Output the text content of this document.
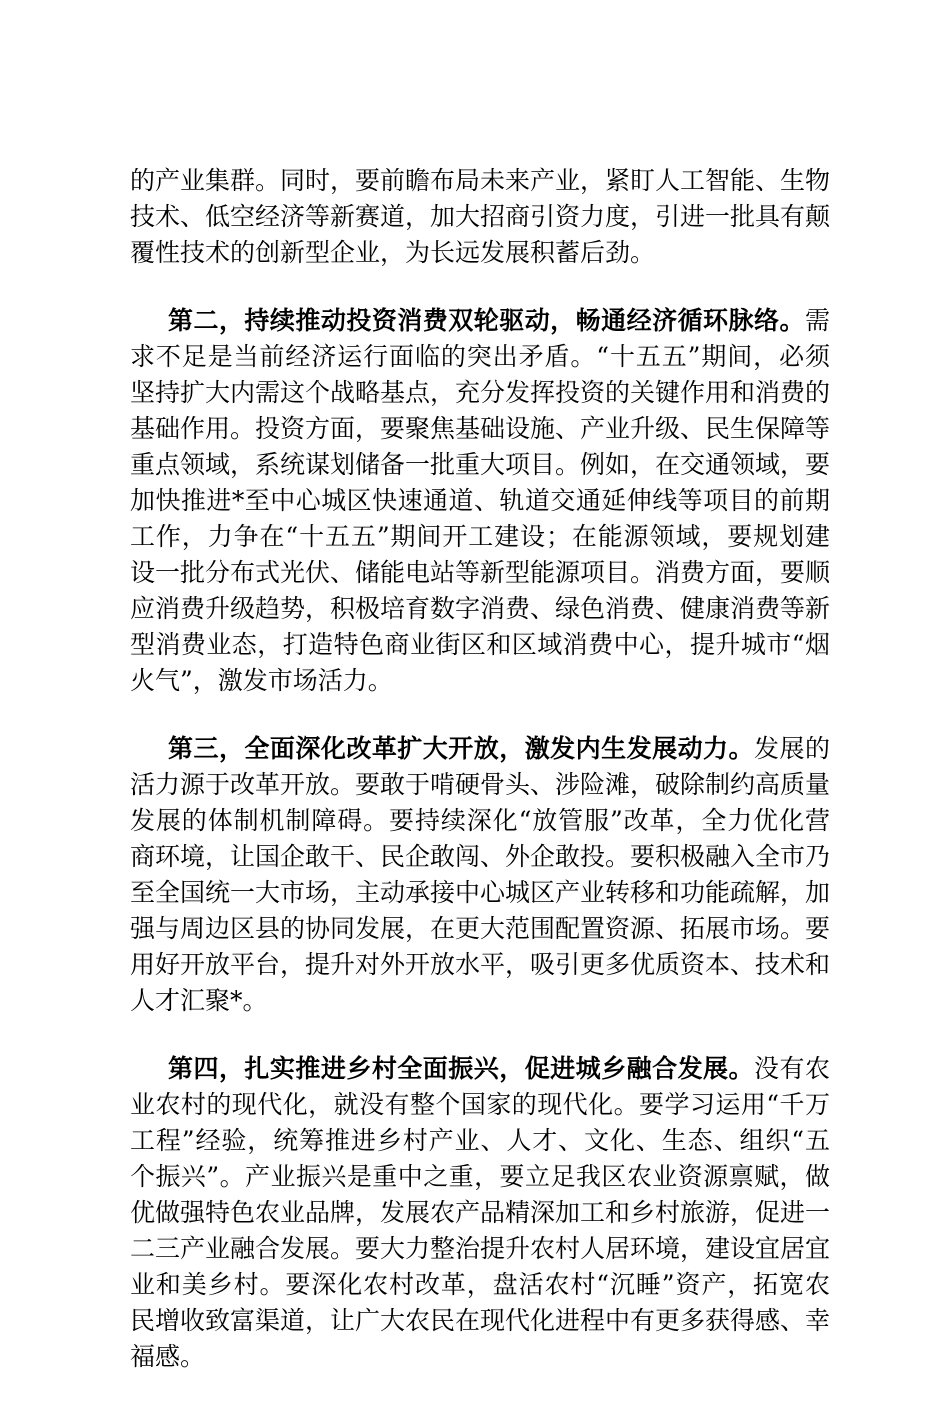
的产业集群。同时，要前瞻布局未来产业，紧盯人工智能、生物技术、低空经济等新赛道，加大招商引资力度，引进一批具有颠覆性技术的创新型企业，为长远发展积蓄后劲。

第二，持续推动投资消费双轮驱动，畅通经济循环脉络。需求不足是当前经济运行面临的突出矛盾。“十五五”期间，必须坚持扩大内需这个战略基点，充分发挥投资的关键作用和消费的基础作用。投资方面，要聚焦基础设施、产业升级、民生保障等重点领域，系统谋划储备一批重大项目。例如，在交通领域，要加快推进*至中心城区快速通道、轨道交通延伸线等项目的前期工作，力争在“十五五”期间开工建设；在能源领域，要规划建设一批分布式光伏、储能电站等新型能源项目。消费方面，要顺应消费升级趋势，积极培育数字消费、绿色消费、健康消费等新型消费业态，打造特色商业街区和区域消费中心，提升城市“烟火气”，激发市场活力。

第三，全面深化改革扩大开放，激发内生发展动力。发展的活力源于改革开放。要敢于啃硬骨头、涉险滩，破除制约高质量发展的体制机制障碍。要持续深化“放管服”改革，全力优化营商环境，让国企敢干、民企敢闯、外企敢投。要积极融入全市乃至全国统一大市场，主动承接中心城区产业转移和功能疏解，加强与周边区县的协同发展，在更大范围配置资源、拓展市场。要用好开放平台，提升对外开放水平，吸引更多优质资本、技术和人才汇聚*。

第四，扎实推进乡村全面振兴，促进城乡融合发展。没有农业农村的现代化，就没有整个国家的现代化。要学习运用“千万工程”经验，统筹推进乡村产业、人才、文化、生态、组织“五个振兴”。产业振兴是重中之重，要立足我区农业资源禀赋，做优做强特色农业品牌，发展农产品精深加工和乡村旅游，促进一二三产业融合发展。要大力整治提升农村人居环境，建设宜居宜业和美乡村。要深化农村改革，盘活农村“沉睡”资产，拓宽农民增收致富渠道，让广大农民在现代化进程中有更多获得感、幸福感。
